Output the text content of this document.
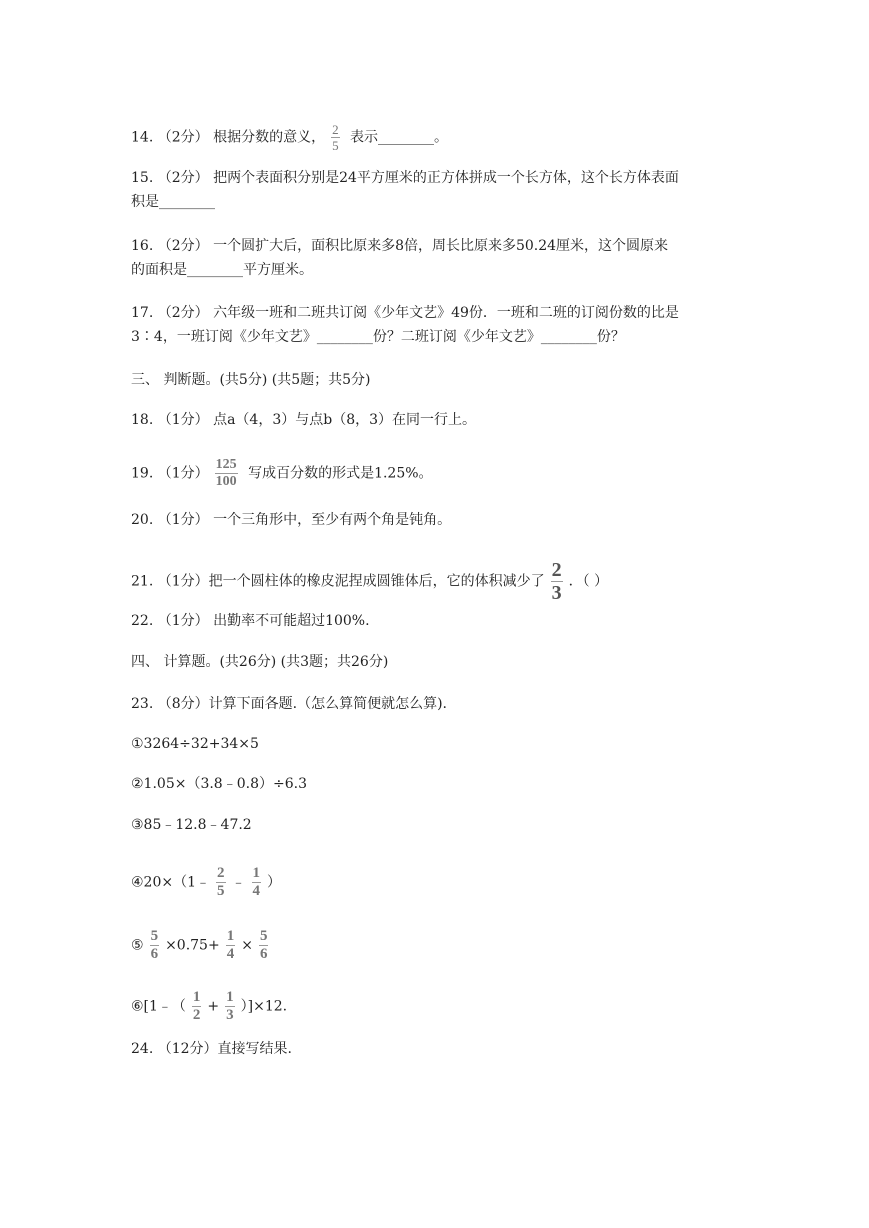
14. （2分） 根据分数的意义， $\frac{2}{5}$ 表示________。
15. （2分） 把两个表面积分别是24平方厘米的正方体拼成一个长方体，这个长方体表面
积是________
16. （2分） 一个圆扩大后，面积比原来多8倍，周长比原来多50.24厘米，这个圆原来
的面积是________平方厘米。
17. （2分） 六年级一班和二班共订阅《少年文艺》49份．一班和二班的订阅份数的比是
3∶4，一班订阅《少年文艺》________份？二班订阅《少年文艺》________份？
三、 判断题。(共5分) (共5题；共5分)
18. （1分） 点a（4，3）与点b（8，3）在同一行上。
19. （1分） $\frac{125}{100}$ 写成百分数的形式是1.25%。
20. （1分） 一个三角形中，至少有两个角是钝角。
21. （1分）把一个圆柱体的橡皮泥捏成圆锥体后，它的体积减少了 $\frac{2}{3}$ ．（ ）
22. （1分） 出勤率不可能超过100%.
四、 计算题。(共26分) (共3题；共26分)
23. （8分）计算下面各题.（怎么算简便就怎么算).
①3264÷32+34×5
②1.05×（3.8﹣0.8）÷6.3
③85﹣12.8﹣47.2
④20×（1﹣ $\frac{2}{5}$ ﹣ $\frac{1}{4}$ ）
⑤ $\frac{5}{6} \times 0.75+ \frac{1}{4} \times \frac{5}{6}$
⑥[1﹣（ $\frac{1}{2} + \frac{1}{3} )]\times 12$.
24. （12分）直接写结果.
